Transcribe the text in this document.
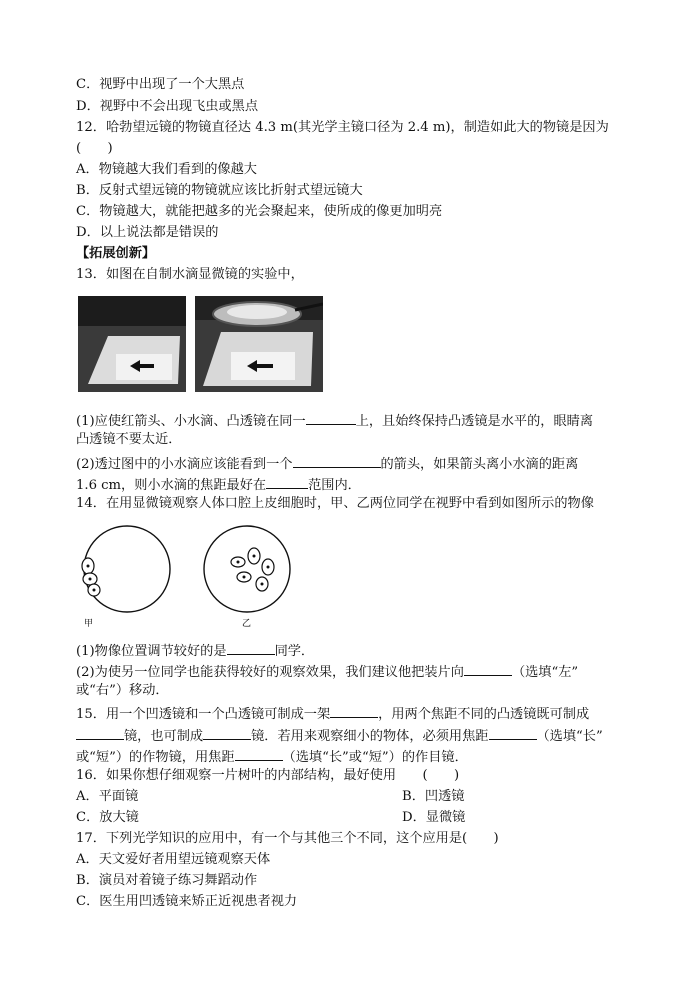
C．视野中出现了一个大黑点
D．视野中不会出现飞虫或黑点
12．哈勃望远镜的物镜直径达 4.3 m(其光学主镜口径为 2.4 m)，制造如此大的物镜是因为
(　　)
A．物镜越大我们看到的像越大
B．反射式望远镜的物镜就应该比折射式望远镜大
C．物镜越大，就能把越多的光会聚起来，使所成的像更加明亮
D．以上说法都是错误的
【拓展创新】
13．如图在自制水滴显微镜的实验中，
(1)应使红箭头、小水滴、凸透镜在同一	上，且始终保持凸透镜是水平的，眼睛离
凸透镜不要太近．
(2)透过图中的小水滴应该能看到一个	的箭头，如果箭头离小水滴的距离
1.6 cm，则小水滴的焦距最好在	范围内．
14．在用显微镜观察人体口腔上皮细胞时，甲、乙两位同学在视野中看到如图所示的物像
甲	乙
(1)物像位置调节较好的是	同学．
(2)为使另一位同学也能获得较好的观察效果，我们建议他把装片向	（选填“左”
或“右”）移动．
15．用一个凹透镜和一个凸透镜可制成一架	，用两个焦距不同的凸透镜既可制成
镜，也可制成	镜．若用来观察细小的物体，必须用焦距	（选填“长”
或“短”）的作物镜，用焦距	（选填“长”或“短”）的作目镜．
16．如果你想仔细观察一片树叶的内部结构，最好使用　　(　　)
A．平面镜	B．凹透镜
C．放大镜	D．显微镜
17．下列光学知识的应用中，有一个与其他三个不同，这个应用是(　　)
A．天文爱好者用望远镜观察天体
B．演员对着镜子练习舞蹈动作
C．医生用凹透镜来矫正近视患者视力
